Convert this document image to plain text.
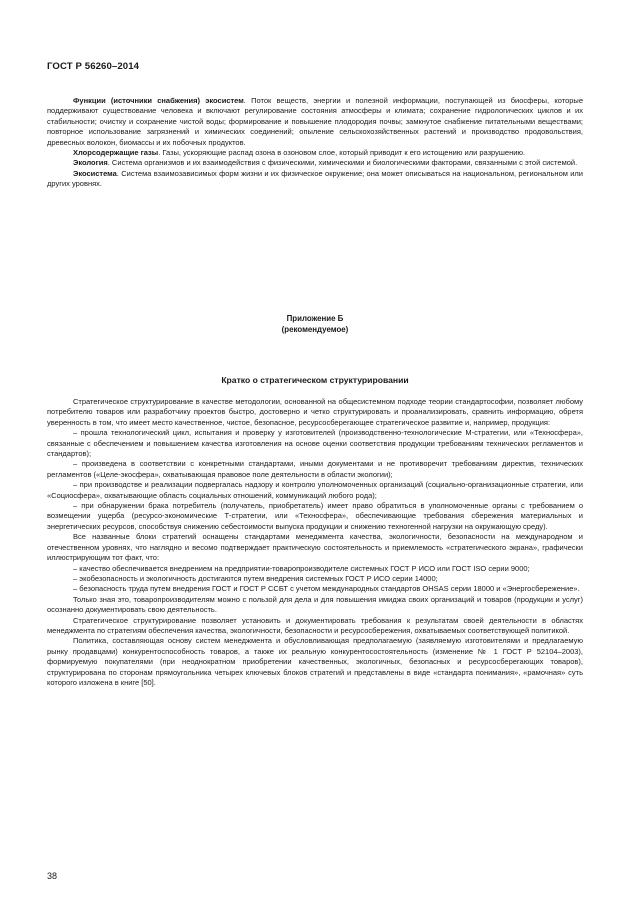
ГОСТ Р 56260–2014

Функции (источники снабжения) экосистем. Поток веществ, энергии и полезной информации, поступающей из биосферы, которые поддерживают существование человека и включают регулирование состояния атмосферы и климата; сохранение гидрологических циклов и их стабильности; очистку и сохранение чистой воды; формирование и повышение плодородия почвы; замкнутое снабжение питательными веществами; повторное использование загрязнений и химических соединений; опыление сельскохозяйственных растений и производство продовольствия, древесных волокон, биомассы и их побочных продуктов.

Хлорсодержащие газы. Газы, ускоряющие распад озона в озоновом слое, который приводит к его истощению или разрушению.

Экология. Система организмов и их взаимодействия с физическими, химическими и биологическими факторами, связанными с этой системой.

Экосистема. Система взаимозависимых форм жизни и их физическое окружение; она может описываться на национальном, региональном или других уровнях.

Приложение Б
(рекомендуемое)
Кратко о стратегическом структурировании

Стратегическое структурирование в качестве методологии, основанной на общесистемном подходе теории стандартософии, позволяет любому потребителю товаров или разработчику проектов быстро, достоверно и четко структурировать и проанализировать, сравнить информацию, обретя уверенность в том, что имеет место качественное, чистое, безопасное, ресурсосберегающее стратегическое развитие и, например, продукция:

– прошла технологический цикл, испытания и проверку у изготовителей (производственно-технологические М-стратегии, или «Техносфера», связанные с обеспечением и повышением качества изготовления на основе оценки соответствия продукции требованиям технических регламентов и стандартов);

– произведена в соответствии с конкретными стандартами, иными документами и не противоречит требованиям директив, технических регламентов («Целе-экосфера», охватывающая правовое поле деятельности в области экологии);

– при производстве и реализации подвергалась надзору и контролю уполномоченных организаций (социально-организационные стратегии, или «Социосфера», охватывающие область социальных отношений, коммуникаций любого рода);

– при обнаружении брака потребитель (получатель, приобретатель) имеет право обратиться в уполномоченные органы с требованием о возмещении ущерба (ресурсо-экономические Т-стратегии, или «Техносфера», обеспечивающие требования сбережения материальных и энергетических ресурсов, способствуя снижению себестоимости выпуска продукции и снижению техногенной нагрузки на окружающую среду).

Все названные блоки стратегий оснащены стандартами менеджмента качества, экологичности, безопасности на международном и отечественном уровнях, что наглядно и весомо подтверждает практическую состоятельность и приемлемость «стратегического экрана», графически иллюстрирующим тот факт, что:

– качество обеспечивается внедрением на предприятии-товаропроизводителе системных ГОСТ Р ИСО или ГОСТ ISO серии 9000;

– экобезопасность и экологичность достигаются путем внедрения системных ГОСТ Р ИСО серии 14000;

– безопасность труда путем внедрения ГОСТ и ГОСТ Р ССБТ с учетом международных стандартов OHSAS серии 18000 и «Энергосбережение».

Только зная это, товаропроизводителям можно с пользой для дела и для повышения имиджа своих организаций и товаров (продукции и услуг) осознанно документировать свою деятельность.

Стратегическое структурирование позволяет установить и документировать требования к результатам своей деятельности в областях менеджмента по стратегиям обеспечения качества, экологичности, безопасности и ресурсосбережения, охватываемых соответствующей политикой.

Политика, составляющая основу систем менеджмента и обусловливающая предполагаемую (заявляемую изготовителями и предлагаемую рынку продавцами) конкурентоспособность товаров, а также их реальную конкурентосостоятельность (изменение № 1 ГОСТ Р 52104–2003), формируемую покупателями (при неоднократном приобретении качественных, экологичных, безопасных и ресурсосберегающих товаров), структурирована по сторонам прямоугольника четырех ключевых блоков стратегий и представлены в виде «стандарта понимания», «рамочная» суть которого изложена в книге [50].

38
